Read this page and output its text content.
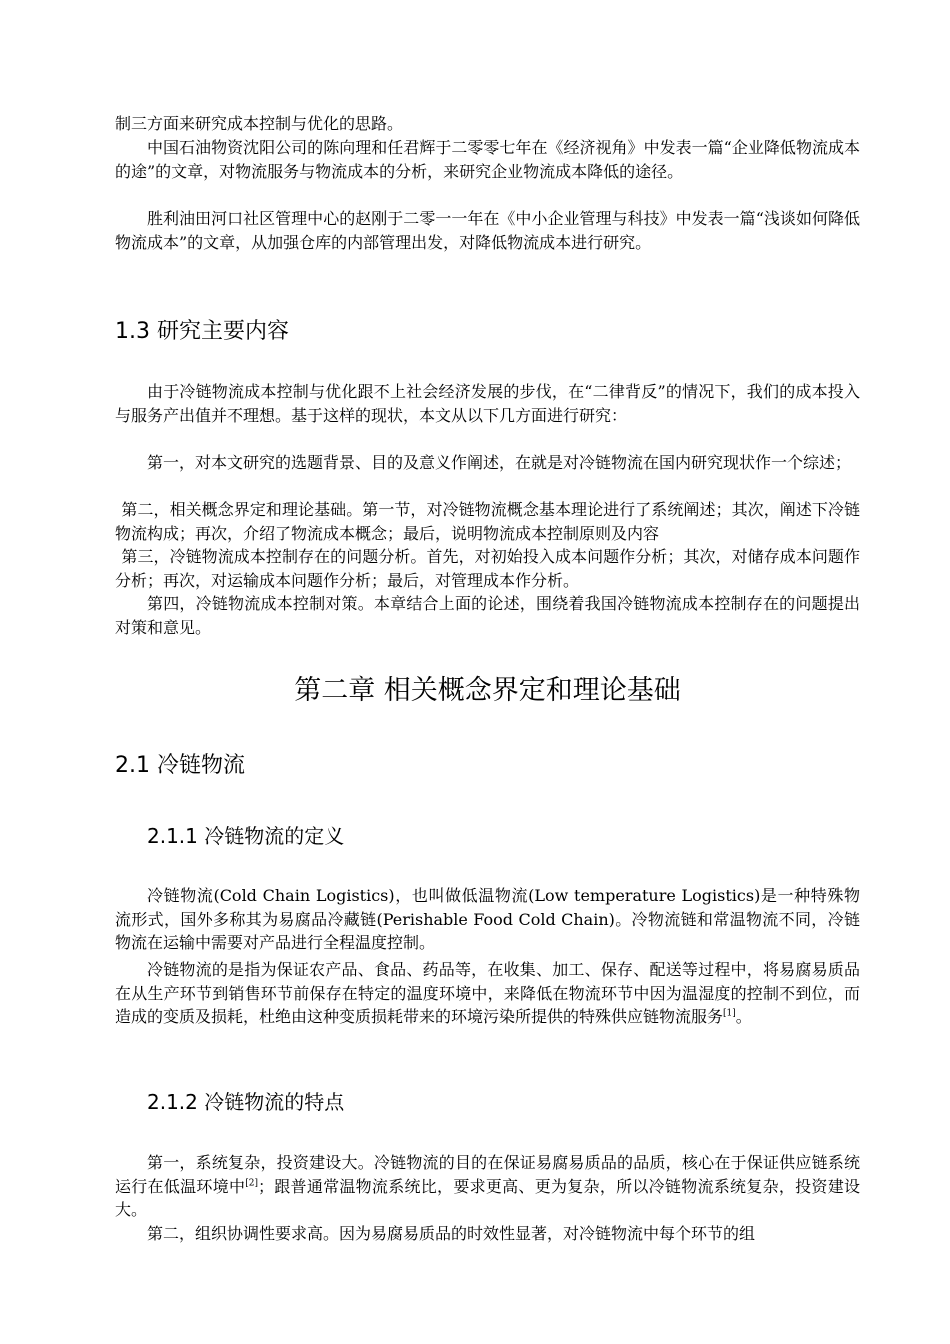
制三方面来研究成本控制与优化的思路。

中国石油物资沈阳公司的陈向理和任君辉于二零零七年在《经济视角》中发表一篇“企业降低物流成本的途”的文章，对物流服务与物流成本的分析，来研究企业物流成本降低的途径。

胜利油田河口社区管理中心的赵刚于二零一一年在《中小企业管理与科技》中发表一篇“浅谈如何降低物流成本”的文章，从加强仓库的内部管理出发，对降低物流成本进行研究。

1.3 研究主要内容

由于冷链物流成本控制与优化跟不上社会经济发展的步伐，在“二律背反”的情况下，我们的成本投入与服务产出值并不理想。基于这样的现状，本文从以下几方面进行研究：

第一，对本文研究的选题背景、目的及意义作阐述，在就是对冷链物流在国内研究现状作一个综述；

第二，相关概念界定和理论基础。第一节，对冷链物流概念基本理论进行了系统阐述；其次，阐述下冷链物流构成；再次，介绍了物流成本概念；最后，说明物流成本控制原则及内容

第三，冷链物流成本控制存在的问题分析。首先，对初始投入成本问题作分析；其次，对储存成本问题作分析；再次，对运输成本问题作分析；最后，对管理成本作分析。

第四，冷链物流成本控制对策。本章结合上面的论述，围绕着我国冷链物流成本控制存在的问题提出对策和意见。

第二章 相关概念界定和理论基础
2.1 冷链物流
2.1.1 冷链物流的定义

冷链物流(Cold Chain Logistics)，也叫做低温物流(Low temperature Logistics)是一种特殊物流形式，国外多称其为易腐品冷藏链(Perishable Food Cold Chain)。冷物流链和常温物流不同，冷链物流在运输中需要对产品进行全程温度控制。

冷链物流的是指为保证农产品、食品、药品等，在收集、加工、保存、配送等过程中，将易腐易质品在从生产环节到销售环节前保存在特定的温度环境中，来降低在物流环节中因为温湿度的控制不到位，而造成的变质及损耗，杜绝由这种变质损耗带来的环境污染所提供的特殊供应链物流服务[1]。

2.1.2 冷链物流的特点

第一，系统复杂，投资建设大。冷链物流的目的在保证易腐易质品的品质，核心在于保证供应链系统运行在低温环境中[2]；跟普通常温物流系统比，要求更高、更为复杂，所以冷链物流系统复杂，投资建设大。

第二，组织协调性要求高。因为易腐易质品的时效性显著，对冷链物流中每个环节的组
